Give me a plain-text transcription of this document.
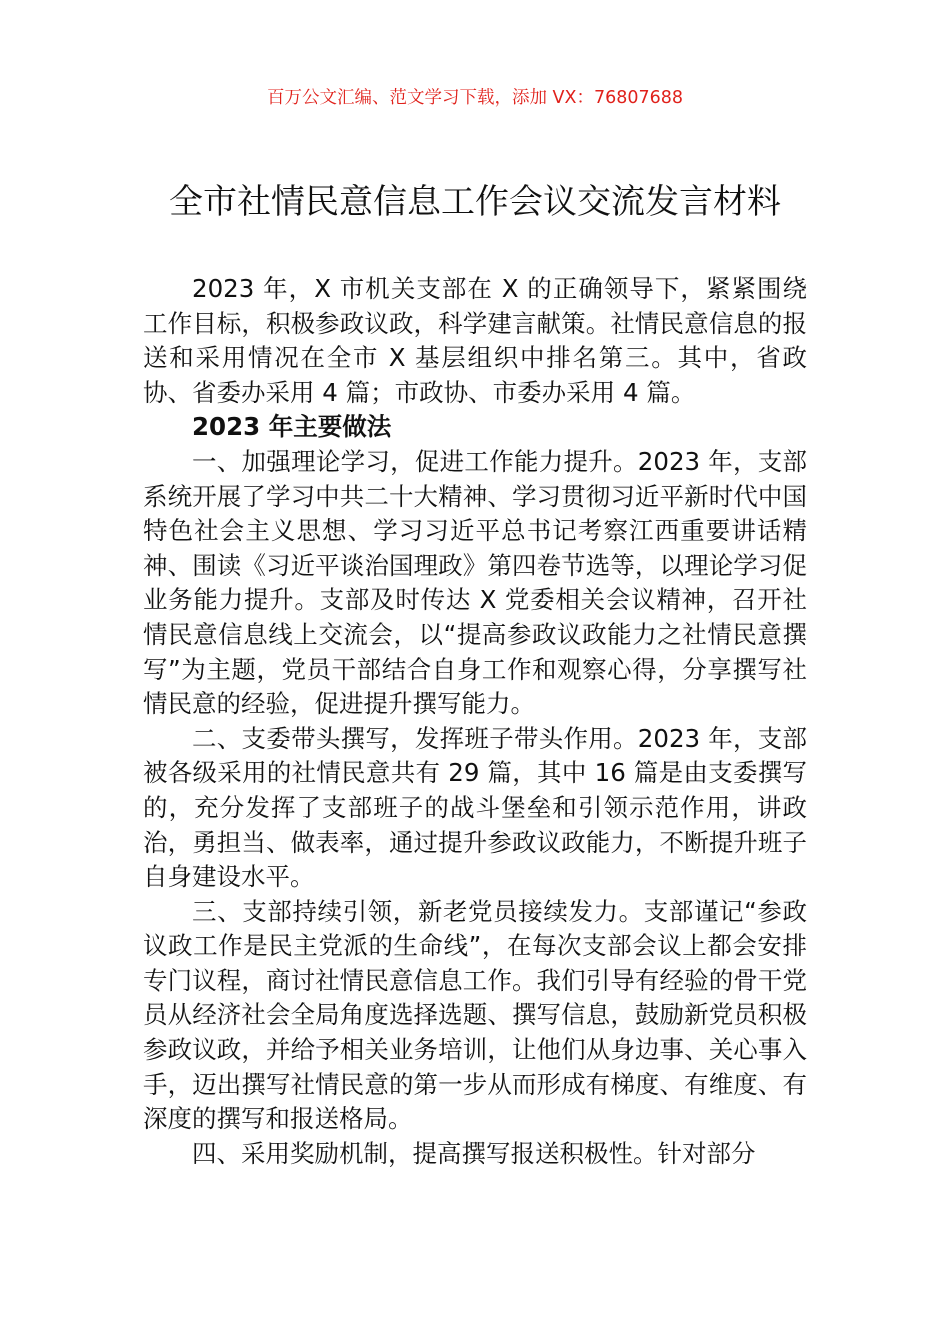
百万公文汇编、范文学习下载，添加 VX：76807688
全市社情民意信息工作会议交流发言材料

2023 年，X 市机关支部在 X 的正确领导下，紧紧围绕工作目标，积极参政议政，科学建言献策。社情民意信息的报送和采用情况在全市 X 基层组织中排名第三。其中，省政协、省委办采用 4 篇；市政协、市委办采用 4 篇。

2023 年主要做法

一、加强理论学习，促进工作能力提升。2023 年，支部系统开展了学习中共二十大精神、学习贯彻习近平新时代中国特色社会主义思想、学习习近平总书记考察江西重要讲话精神、围读《习近平谈治国理政》第四卷节选等，以理论学习促业务能力提升。支部及时传达 X 党委相关会议精神，召开社情民意信息线上交流会，以“提高参政议政能力之社情民意撰写”为主题，党员干部结合自身工作和观察心得，分享撰写社情民意的经验，促进提升撰写能力。

二、支委带头撰写，发挥班子带头作用。2023 年，支部被各级采用的社情民意共有 29 篇，其中 16 篇是由支委撰写的，充分发挥了支部班子的战斗堡垒和引领示范作用，讲政治，勇担当、做表率，通过提升参政议政能力，不断提升班子自身建设水平。

三、支部持续引领，新老党员接续发力。支部谨记“参政议政工作是民主党派的生命线”，在每次支部会议上都会安排专门议程，商讨社情民意信息工作。我们引导有经验的骨干党员从经济社会全局角度选择选题、撰写信息，鼓励新党员积极参政议政，并给予相关业务培训，让他们从身边事、关心事入手，迈出撰写社情民意的第一步从而形成有梯度、有维度、有深度的撰写和报送格局。

四、采用奖励机制，提高撰写报送积极性。针对部分
